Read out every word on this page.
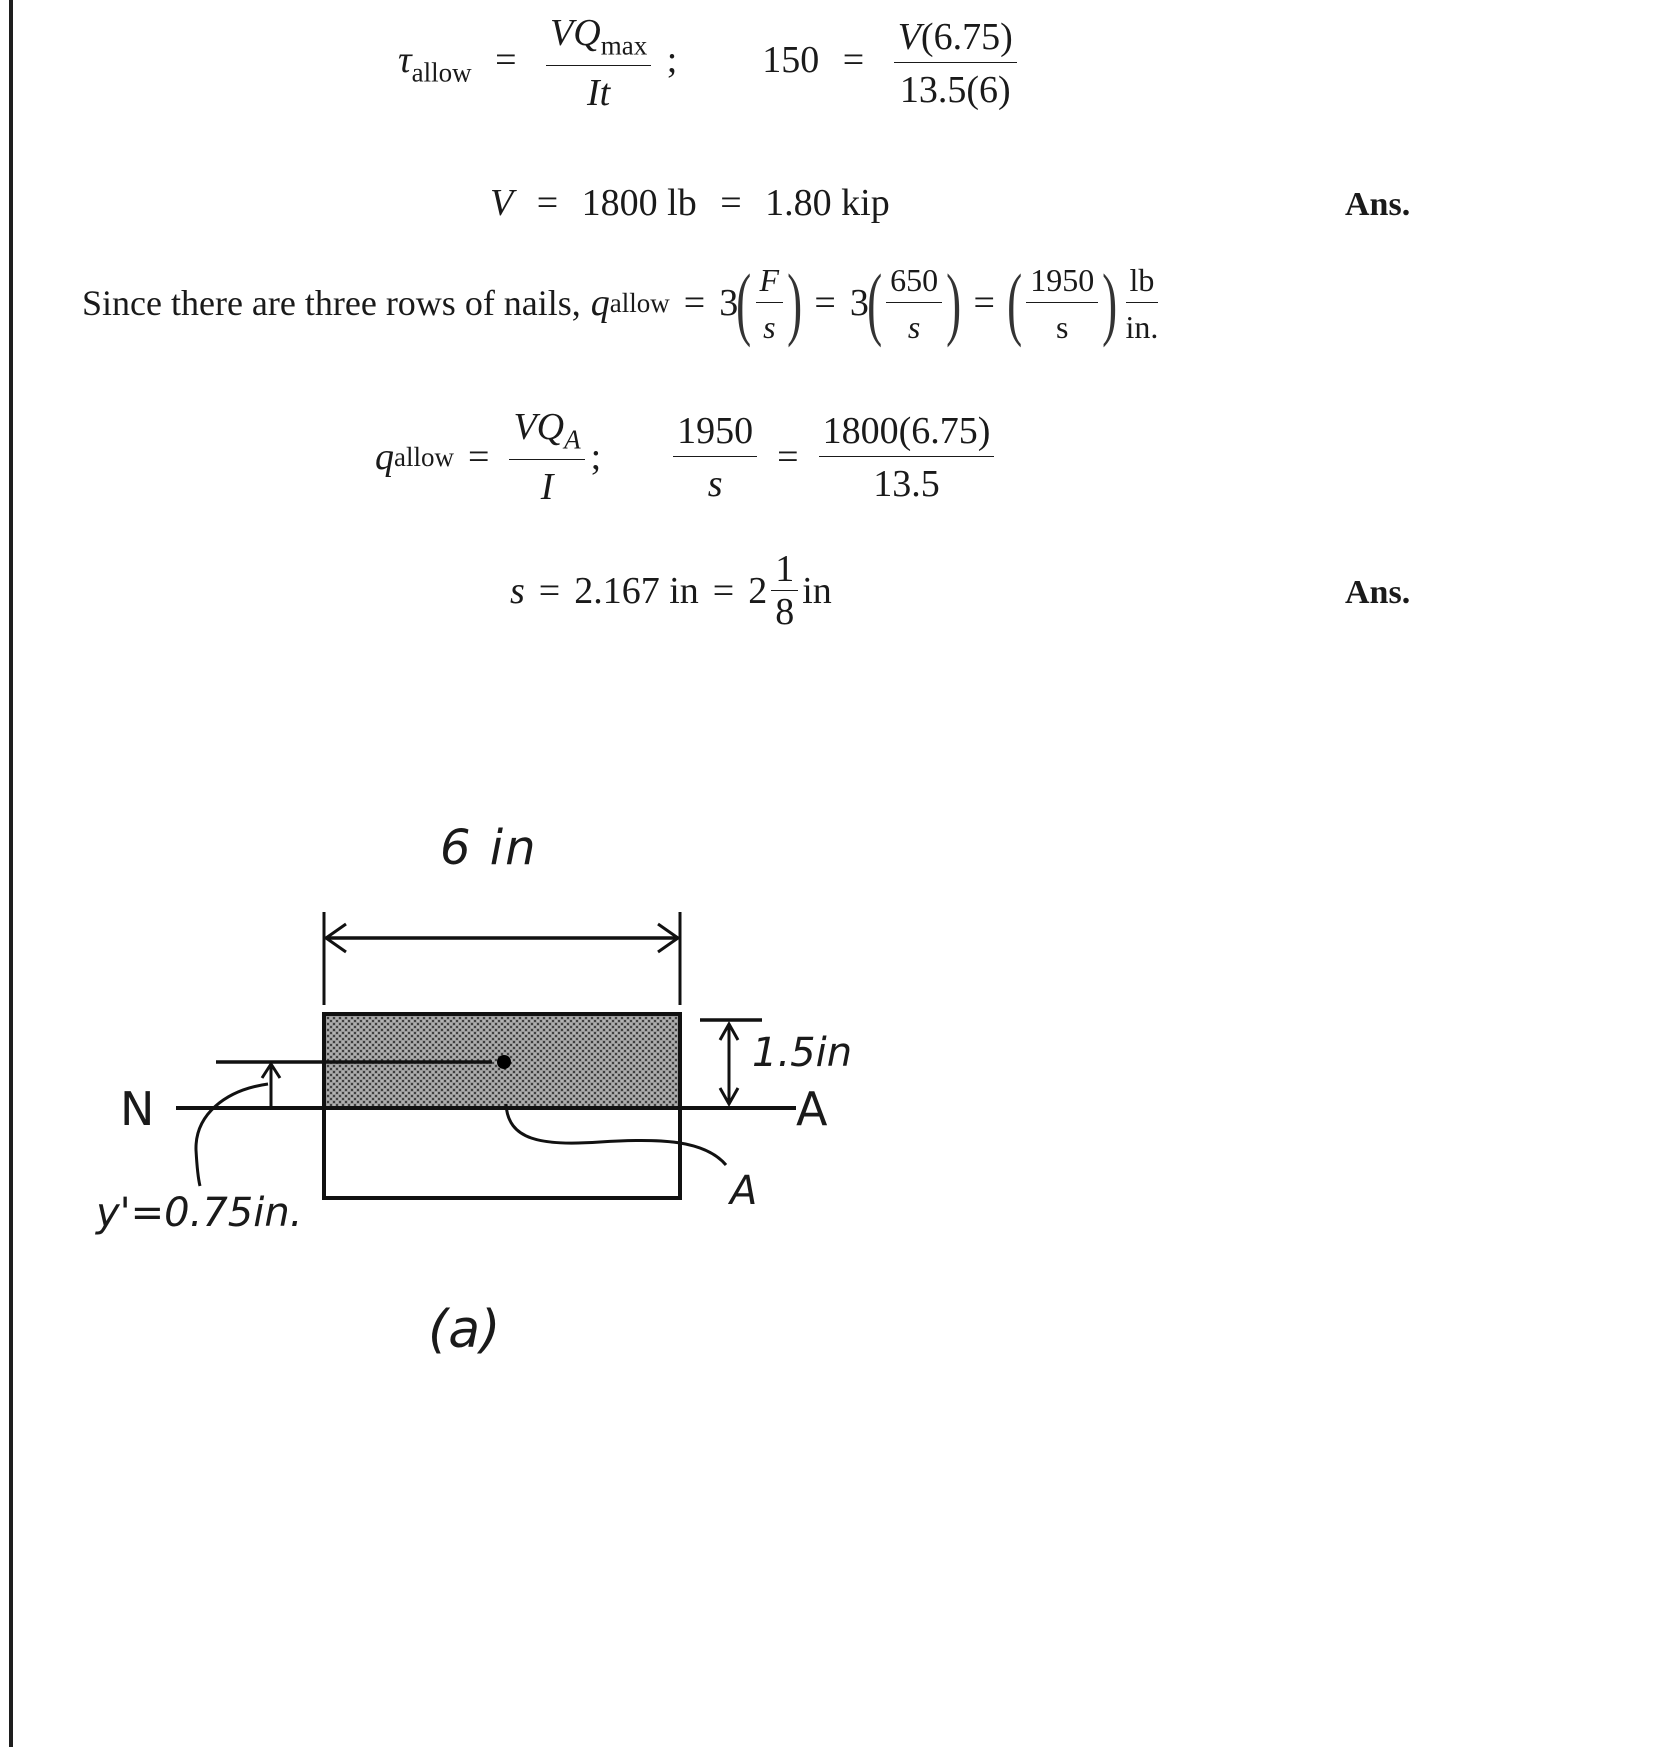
$\tau_{allow} = \frac{VQ_{max}}{It}$ ; $150 = \frac{V(6.75)}{13.5(6)}$
V = 1800 lb = 1.80 kip	Ans.
Since there are three rows of nails, q allow = 3
( $\frac{F}{s}$ ) = 3
( $\frac{650}{s}$ ) = ( $\frac{1950}{s}$ ) $\frac{lb}{in.}$
q allow = $\frac{VQ_A}{I}$ ; $\frac{1950}{s} = \frac{1800(6.75)}{13.5}$
s = 2.167 in = $2 \frac{1}{8}$ in	Ans.
6 in
1.5in
N	A
A
y'=0.75in.
(a)
